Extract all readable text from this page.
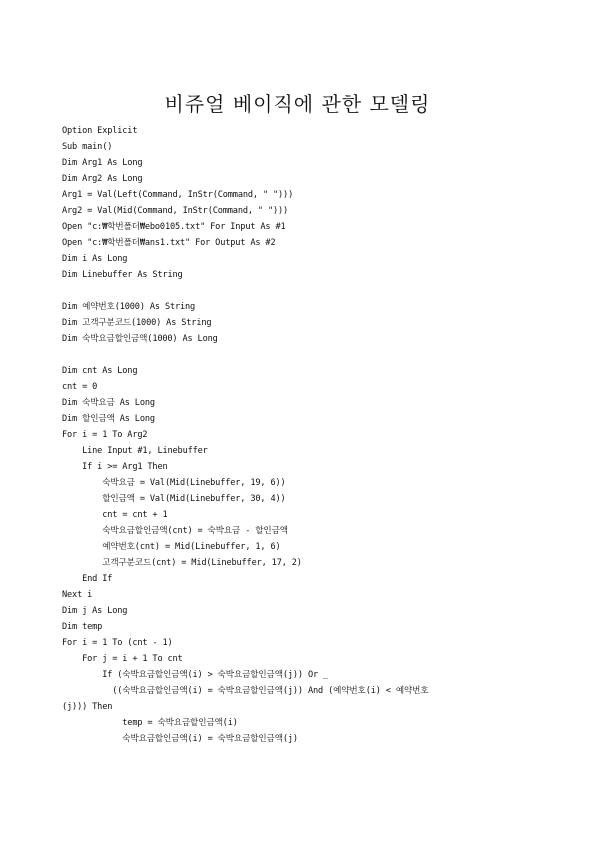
비쥬얼 베이직에 관한 모델링
Option Explicit
Sub main()
Dim Arg1 As Long
Dim Arg2 As Long
Arg1 = Val(Left(Command, InStr(Command, " ")))
Arg2 = Val(Mid(Command, InStr(Command, " ")))
Open "c:₩학번폴더₩ebo0105.txt" For Input As #1
Open "c:₩학번폴더₩ans1.txt" For Output As #2
Dim i As Long
Dim Linebuffer As String
Dim 예약번호(1000) As String
Dim 고객구분코드(1000) As String
Dim 숙박요금할인금액(1000) As Long
Dim cnt As Long
cnt = 0
Dim 숙박요금 As Long
Dim 할인금액 As Long
For i = 1 To Arg2
Line Input #1, Linebuffer
If i >= Arg1 Then
숙박요금 = Val(Mid(Linebuffer, 19, 6))
할인금액 = Val(Mid(Linebuffer, 30, 4))
cnt = cnt + 1
숙박요금할인금액(cnt) = 숙박요금 - 할인금액
예약번호(cnt) = Mid(Linebuffer, 1, 6)
고객구분코드(cnt) = Mid(Linebuffer, 17, 2)
End If
Next i
Dim j As Long
Dim temp
For i = 1 To (cnt - 1)
For j = i + 1 To cnt
If (숙박요금할인금액(i) > 숙박요금할인금액(j)) Or _
((숙박요금할인금액(i) = 숙박요금할인금액(j)) And (예약번호(i) < 예약번호
(j))) Then
temp = 숙박요금할인금액(i)
숙박요금할인금액(i) = 숙박요금할인금액(j)
